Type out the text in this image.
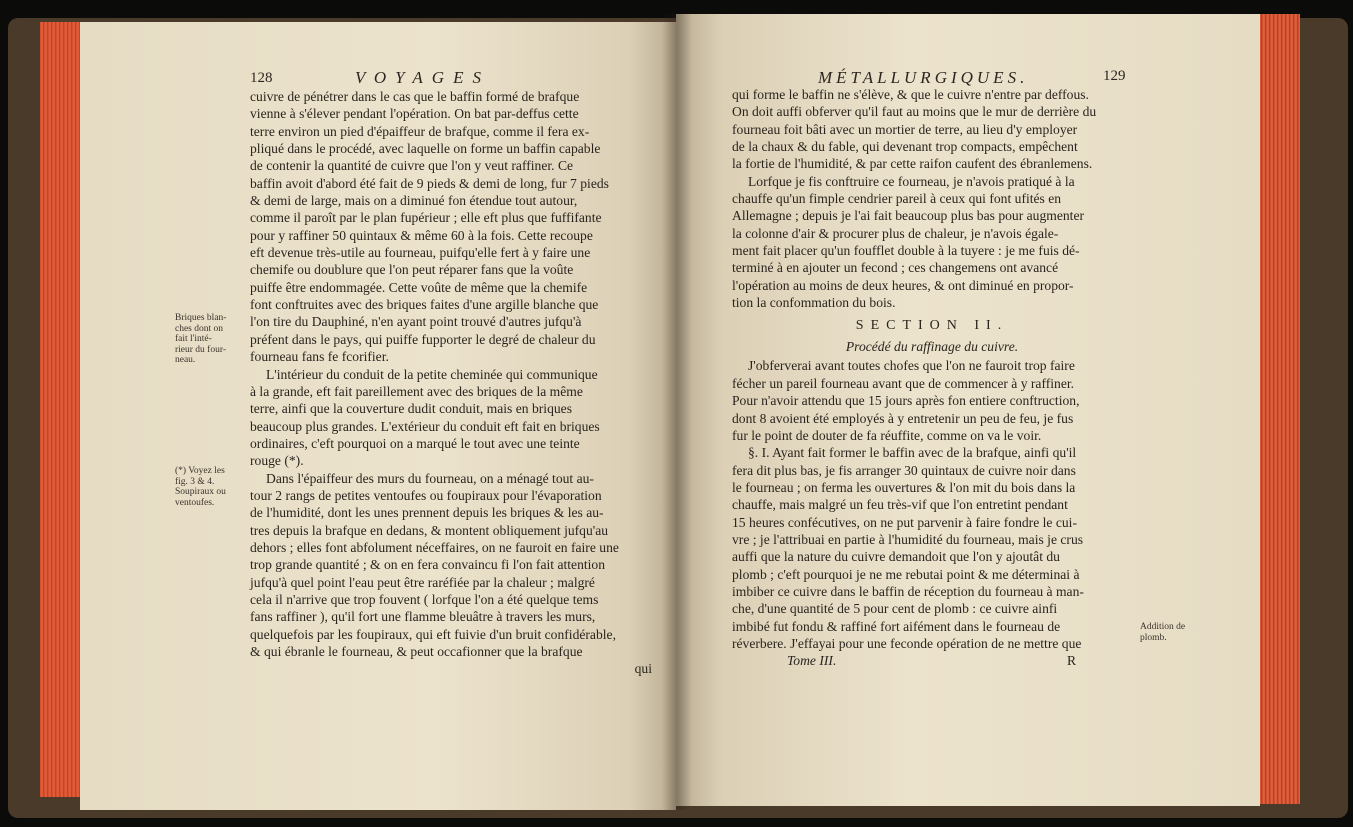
128	VOYAGES
cuivre de pénétrer dans le cas que le baffin formé de brafque
vienne à s'élever pendant l'opération. On bat par-deffus cette
terre environ un pied d'épaiffeur de brafque, comme il fera ex-
pliqué dans le procédé, avec laquelle on forme un baffin capable
de contenir la quantité de cuivre que l'on y veut raffiner. Ce
baffin avoit d'abord été fait de 9 pieds & demi de long, fur 7 pieds
& demi de large, mais on a diminué fon étendue tout autour,
comme il paroît par le plan fupérieur ; elle eft plus que fuffifante
pour y raffiner 50 quintaux & même 60 à la fois. Cette recoupe
eft devenue très-utile au fourneau, puifqu'elle fert à y faire une
chemife ou doublure que l'on peut réparer fans que la voûte
puiffe être endommagée. Cette voûte de même que la chemife
font conftruites avec des briques faites d'une argille blanche que
l'on tire du Dauphiné, n'en ayant point trouvé d'autres jufqu'à
préfent dans le pays, qui puiffe fupporter le degré de chaleur du
fourneau fans fe fcorifier.
L'intérieur du conduit de la petite cheminée qui communique
à la grande, eft fait pareillement avec des briques de la même
terre, ainfi que la couverture dudit conduit, mais en briques
beaucoup plus grandes. L'extérieur du conduit eft fait en briques
ordinaires, c'eft pourquoi on a marqué le tout avec une teinte
rouge (*).
Dans l'épaiffeur des murs du fourneau, on a ménagé tout au-
tour 2 rangs de petites ventoufes ou foupiraux pour l'évaporation
de l'humidité, dont les unes prennent depuis les briques & les au-
tres depuis la brafque en dedans, & montent obliquement jufqu'au
dehors ; elles font abfolument néceffaires, on ne fauroit en faire une
trop grande quantité ; & on en fera convaincu fi l'on fait attention
jufqu'à quel point l'eau peut être raréfiée par la chaleur ; malgré
cela il n'arrive que trop fouvent ( lorfque l'on a été quelque tems
fans raffiner ), qu'il fort une flamme bleuâtre à travers les murs,
quelquefois par les foupiraux, qui eft fuivie d'un bruit confidérable,
& qui ébranle le fourneau, & peut occafionner que la brafque
qui
Briques blan-
ches dont on
fait l'inté-
rieur du four-
neau.
(*) Voyez les
fig. 3 & 4.
Soupiraux ou
ventoufes.
MÉTALLURGIQUES.	129
qui forme le baffin ne s'élève, & que le cuivre n'entre par deffous.
On doit auffi obferver qu'il faut au moins que le mur de derrière du
fourneau foit bâti avec un mortier de terre, au lieu d'y employer
de la chaux & du fable, qui devenant trop compacts, empêchent
la fortie de l'humidité, & par cette raifon caufent des ébranlemens.
Lorfque je fis conftruire ce fourneau, je n'avois pratiqué à la
chauffe qu'un fimple cendrier pareil à ceux qui font ufités en
Allemagne ; depuis je l'ai fait beaucoup plus bas pour augmenter
la colonne d'air & procurer plus de chaleur, je n'avois égale-
ment fait placer qu'un foufflet double à la tuyere : je me fuis dé-
terminé à en ajouter un fecond ; ces changemens ont avancé
l'opération au moins de deux heures, & ont diminué en propor-
tion la confommation du bois.
SECTION II.
Procédé du raffinage du cuivre.
J'obferverai avant toutes chofes que l'on ne fauroit trop faire
fécher un pareil fourneau avant que de commencer à y raffiner.
Pour n'avoir attendu que 15 jours après fon entiere conftruction,
dont 8 avoient été employés à y entretenir un peu de feu, je fus
fur le point de douter de fa réuffite, comme on va le voir.
§. I. Ayant fait former le baffin avec de la brafque, ainfi qu'il
fera dit plus bas, je fis arranger 30 quintaux de cuivre noir dans
le fourneau ; on ferma les ouvertures & l'on mit du bois dans la
chauffe, mais malgré un feu très-vif que l'on entretint pendant
15 heures confécutives, on ne put parvenir à faire fondre le cui-
vre ; je l'attribuai en partie à l'humidité du fourneau, mais je crus
auffi que la nature du cuivre demandoit que l'on y ajoutât du
plomb ; c'eft pourquoi je ne me rebutai point & me déterminai à
imbiber ce cuivre dans le baffin de réception du fourneau à man-
che, d'une quantité de 5 pour cent de plomb : ce cuivre ainfi
imbibé fut fondu & raffiné fort aifément dans le fourneau de
réverbere. J'effayai pour une feconde opération de ne mettre que
Tome III.	R
Addition de
plomb.
